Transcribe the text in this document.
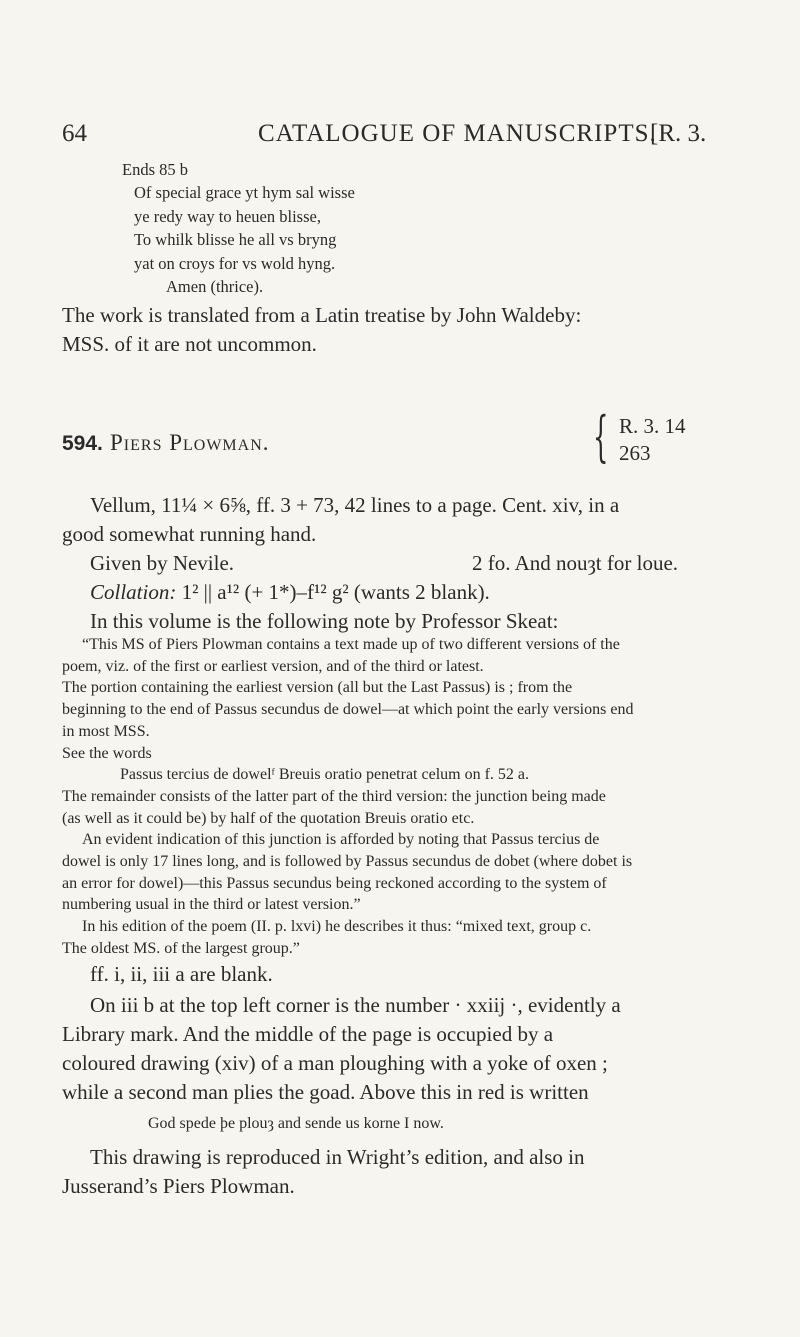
64	CATALOGUE OF MANUSCRIPTS.
[R. 3.
Ends 85 b
Of special grace yt hym sal wisse
ye redy way to heuen blisse,
To whilk blisse he all vs bryng
yat on croys for vs wold hyng.
Amen (thrice).
The work is translated from a Latin treatise by John Waldeby:
MSS. of it are not uncommon.
594. Piers Plowman.	{ R. 3. 14
263
Vellum, 11¼ × 6⅝, ff. 3 + 73, 42 lines to a page. Cent. xiv, in a
good somewhat running hand.
Given by Nevile.	2 fo. And nouȝt for loue.
Collation: 1² || a¹² (+ 1*)–f¹² g² (wants 2 blank).
In this volume is the following note by Professor Skeat:
“This MS of Piers Plowman contains a text made up of two different versions of the
poem, viz. of the first or earliest version, and of the third or latest.
The portion containing the earliest version (all but the Last Passus) is ; from the
beginning to the end of Passus secundus de dowel—at which point the early versions end
in most MSS.
See the words
Passus tercius de dowelᶠ Breuis oratio penetrat celum on f. 52 a.
The remainder consists of the latter part of the third version: the junction being made
(as well as it could be) by half of the quotation Breuis oratio etc.
An evident indication of this junction is afforded by noting that Passus tercius de
dowel is only 17 lines long, and is followed by Passus secundus de dobet (where dobet is
an error for dowel)—this Passus secundus being reckoned according to the system of
numbering usual in the third or latest version.”
In his edition of the poem (II. p. lxvi) he describes it thus: “mixed text, group c.
The oldest MS. of the largest group.”
ff. i, ii, iii a are blank.
On iii b at the top left corner is the number · xxiij ·, evidently a
Library mark. And the middle of the page is occupied by a
coloured drawing (xiv) of a man ploughing with a yoke of oxen ;
while a second man plies the goad. Above this in red is written
God spede þe plouȝ and sende us korne I now.
This drawing is reproduced in Wright’s edition, and also in
Jusserand’s Piers Plowman.
